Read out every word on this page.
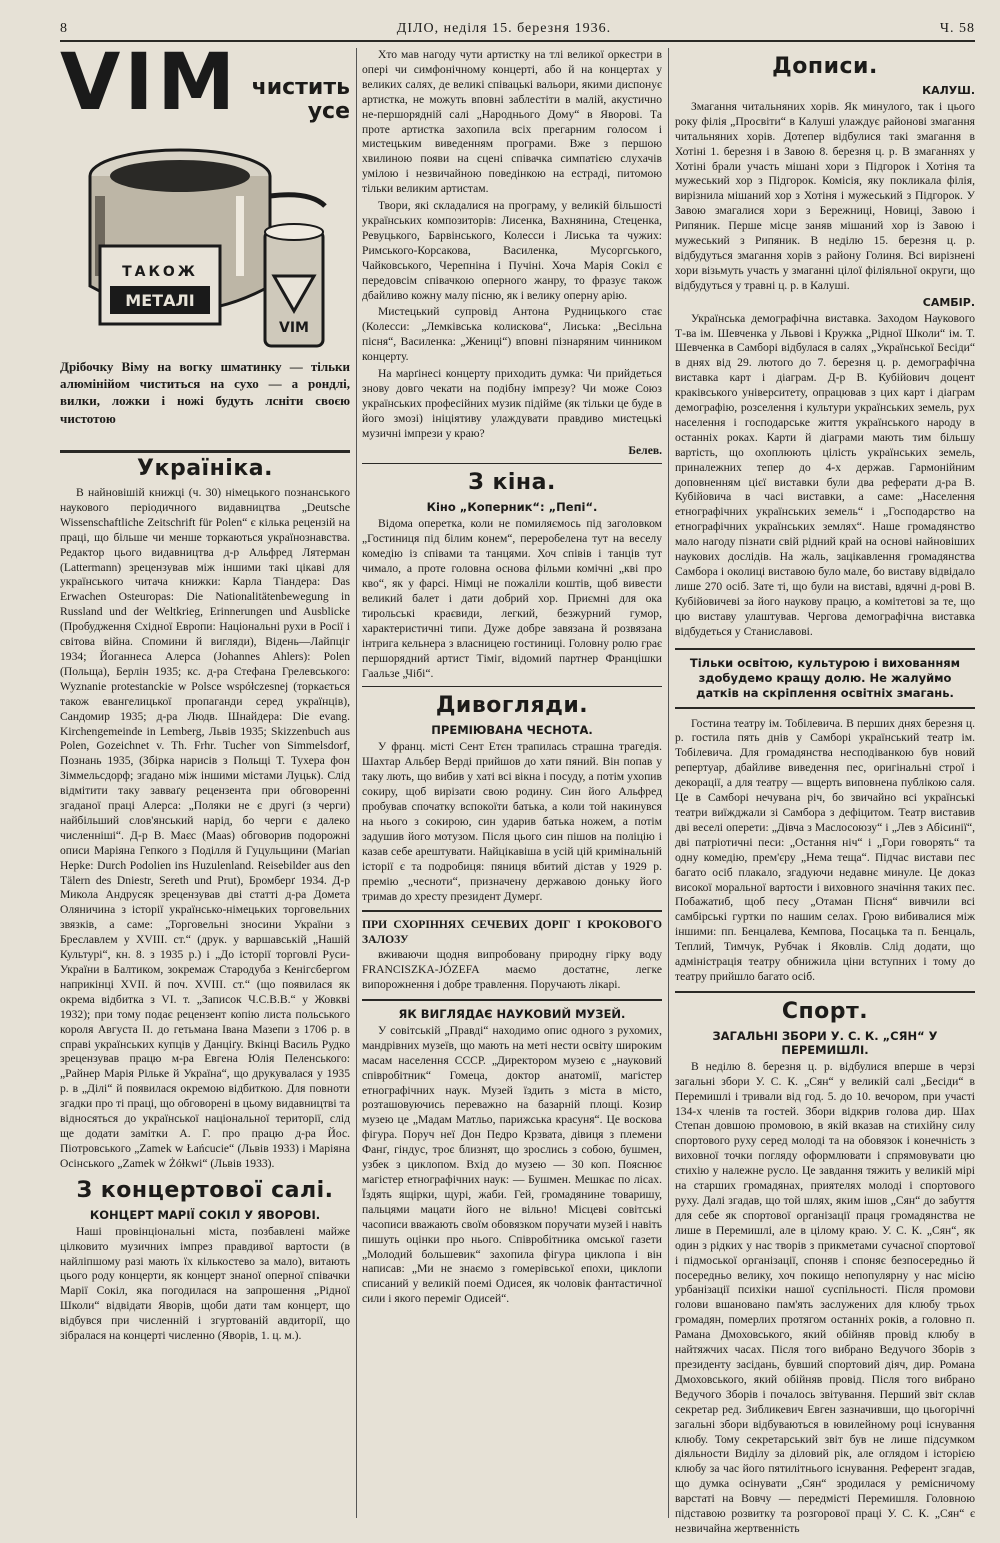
8	ДІЛО, неділя 15. березня 1936.	Ч. 58
VIM чистить усе
ТАКОЖ
МЕТАЛІ
VIM
Дрібочку Віму на вогку шматинку — тільки алюмінійом чиститься на сухо — а рондлі, вилки, ложки і ножі будуть лсніти своєю чистотою
Україніка.

В найновішій книжці (ч. 30) німецького познанського наукового періодичного видавництва „Deutsche Wissenschaftliche Zeitschrift für Polen“ є кілька рецензій на праці, що більше чи менше торкаються українознавства. Редактор цього видавництва д-р Альфред Лятерман (Lattermann) зрецензував між іншими такі цікаві для українського читача книжки: Карла Тіандера: Das Erwachen Osteuropas: Die Nationalitätenbewegung in Russland und der Weltkrieg, Erinnerungen und Ausblicke (Пробудження Східної Европи: Національні рухи в Росії і світова війна. Спомини й вигляди), Відень—Лайпціг 1934; Йоганнеса Алерса (Johannes Ahlers): Polen (Польща), Берлін 1935; кс. д-ра Стефана Грелевського: Wyznanie protestanckie w Polsce współczesnej (торкається також евангелицької пропаганди серед українців), Сандомир 1935; д-ра Людв. Шнайдера: Die evang. Kirchengemeinde in Lemberg, Львів 1935; Skizzenbuch aus Polen, Gozeichnet v. Th. Frhr. Tucher von Simmelsdorf, Познань 1935, (Збірка нарисів з Польщі Т. Тухера фон Зіммельсдорф; згадано між іншими містами Луцьк). Слід відмітити таку завваґу рецензента при обговоренні згаданої праці Алерса: „Поляки не є другі (з черги) найбільший слов'янський нарід, бо черги є далеко численніші“. Д-р В. Маєс (Maas) обговорив подорожні описи Маріяна Гепкого з Поділля й Гуцульщини (Marian Hepke: Durch Podolien ins Huzulenland. Reisebilder aus den Tälern des Dniestr, Sereth und Prut), Бромберґ 1934. Д-р Микола Андрусяк зрецензував дві статті д-ра Домета Оляничина з історії українсько-німецьких торговельних звязків, а саме: „Торговельні зносини України з Бреславлем у XVIII. ст.“ (друк. у варшавській „Нашій Культурі“, кн. 8. з 1935 р.) і „До історії торговлі Руси-України в Балтиком, зокремаж Стародуба з Кенігсбергом наприкінці XVII. й поч. XVIII. ст.“ (що появилася як окрема відбитка з VI. т. „Записок Ч.С.В.В.“ у Жовкві 1932); при тому подає рецензент копію листа польського короля Августа II. до гетьмана Івана Мазепи з 1706 р. в справі українських купців у Данціґу. Вкінці Василь Рудко зрецензував працю м-ра Евгена Юлія Пеленського: „Райнер Марія Рільке й Україна“, що друкувалася у 1935 р. в „Ділі“ й появилася окремою відбиткою. Для повноти згадки про ті праці, що обговорені в цьому видавництві та відносяться до української національної території, слід ще додати замітки А. Г. про працю д-ра Йос. Піотровського „Zamek w Łańcucie“ (Львів 1933) і Маріяна Осінського „Zamek w Żółkwi“ (Львів 1933).

З концертової салі.
КОНЦЕРТ МАРІЇ СОКІЛ У ЯВОРОВІ.

Наші провінціональні міста, позбавлені майже цілковито музичних імпрез правдивої вартости (в найліпшому разі мають їх кількостево за мало), витають цього роду концерти, як концерт знаної оперної співачки Марії Сокіл, яка погодилася на запрошення „Рідної Школи“ відвідати Яворів, щоби дати там концерт, що відбувся при численній і згуртованій авдиторії, що зібралася на концерті численно (Яворів, 1. ц. м.).

Хто мав нагоду чути артистку на тлі великої оркестри в опері чи симфонічному концерті, або й на концертах у великих салях, де великі співацькі вальори, якими диспонує артистка, не можуть вповні заблестіти в малій, акустично не-першорядній салі „Народнього Дому“ в Яворові. Та проте артистка захопила всіх прегарним голосом і мистецьким виведенням програми. Вже з першою хвилиною появи на сцені співачка симпатією слухачів умілою і незвичайною поведінкою на естраді, питомою тільки великим артистам.

Твори, які складалися на програму, у великій більшості українських композиторів: Лисенка, Вахнянина, Стеценка, Ревуцького, Барвінського, Колесси і Лиська та чужих: Римського-Корсакова, Василенка, Мусоргського, Чайковського, Черепніна і Пучіні. Хоча Марія Сокіл є передовсім співачкою оперного жанру, то фразує також дбайливо кожну малу пісню, як і велику оперну арію.

Мистецький супровід Антона Рудницького стає (Колесси: „Лемківська колискова“, Лиська: „Весільна пісня“, Василенка: „Жениці“) вповні пізнаряним чинником концерту.

На марґінесі концерту приходить думка: Чи прийдеться знову довго чекати на подібну імпрезу? Чи може Союз українських професійних музик підійме (як тільки це буде в його змозі) ініціятиву улаждувати правдиво мистецькі музичні імпрези у краю?

Белев.
З кіна.
Кіно „Коперник“: „Пепі“.

Відома оперетка, коли не помиляємось під заголовком „Гостиниця під білим конем“, переробелена тут на веселу комедію із співами та танцями. Хоч співів і танців тут чимало, а проте головна основа фільми комічні „кві про кво“, як у фарсі. Німці не пожаліли коштів, щоб вивести великий балет і дати добрий хор. Приємні для ока тирольські краєвиди, легкий, безжурний гумор, характеристичні типи. Дуже добре завязана й розвязана інтрига кельнера з власницею гостиниці. Головну ролю грає першорядний артист Тіміґ, відомий партнер Францішки Гаальзе „Чібі“.

Дивогляди.
ПРЕМІЮВАНА ЧЕСНОТА.

У франц. місті Сент Етєн трапилась страшна трагедія. Шахтар Альбер Верді прийшов до хати пяний. Він попав у таку лють, що вибив у хаті всі вікна і посуду, а потім ухопив сокиру, щоб вирізати свою родину. Син його Альфред пробував спочатку вспокоїти батька, а коли той накинувся на нього з сокирою, син ударив батька ножем, а потім задушив його мотузом. Після цього син пішов на поліцію і казав себе арештувати. Найцікавіша в усій цій кримінальній історії є та подробиця: пяниця вбитий дістав у 1929 р. премію „чесноти“, призначену державою доньку його тримав до хресту президент Думерґ.

ПРИ СХОРІННЯХ СЕЧЕВИХ ДОРІГ І КРОКОВОГО ЗАЛОЗУ

вживаючи щодня випробовану природну гірку воду FRANCISZKA-JÓZEFA маємо достатнє, легке випорожнення і добре травлення. Поручають лікарі.

ЯК ВИГЛЯДАЄ НАУКОВИЙ МУЗЕЙ.

У совітській „Правді“ находимо опис одного з рухомих, мандрівних музеїв, що мають на меті нести освіту широким масам населення СССР. „Директором музею є „науковий співробітник“ Гомеца, доктор анатомії, магістер етнографічних наук. Музей їздить з міста в місто, розташовуючись переважно на базарній площі. Козир музею це „Мадам Матльо, парижська красуня“. Це воскова фігура. Поруч неї Дон Педро Крзвата, дівиця з племени Фанґ, гіндус, троє близнят, що зрослись з собою, бушмен, узбек з циклопом. Вхід до музею — 30 коп. Пояснює магістер етнографічних наук: — Бушмен. Мешкає по лісах. Їздять ящірки, щурі, жаби. Гей, громадянине товаришу, пальцями мацати його не вільно! Місцеві совітські часописи вважають своїм обовязком поручати музей і навіть пишуть оцінки про нього. Співробітника омської газети „Молодий большевик“ захопила фігура циклопа і він написав: „Ми не знаємо з гомерівської епохи, циклопи списаний у великій поемі Одисея, як чоловік фантастичної сили і якого переміг Одисей“.

Дописи.
КАЛУШ.

Змагання читальняних хорів. Як минулого, так і цього року філія „Просвіти“ в Калуші улаждує районові змагання читальняних хорів. Дотепер відбулися такі змагання в Хотіні 1. березня і в Завою 8. березня ц. р. В змаганнях у Хотіні брали участь мішані хори з Підгорок і Хотіня та мужеський хор з Підгорок. Комісія, яку покликала філія, вирізнила мішаний хор з Хотіня і мужеський з Підгорок. У Завою змагалися хори з Бережниці, Новиці, Завою і Рипяник. Перше місце заняв мішаний хор із Завою і мужеський з Рипяник. В неділю 15. березня ц. р. відбудуться змагання хорів з району Голиня. Всі вирізнені хори візьмуть участь у змаганні цілої філіяльної округи, що відбудуться у травні ц. р. в Калуші.

САМБІР.

Українська демографічна виставка. Заходом Наукового Т-ва ім. Шевченка у Львові і Кружка „Рідної Школи“ ім. Т. Шевченка в Самборі відбулася в салях „Української Бесіди“ в днях від 29. лютого до 7. березня ц. р. демографічна виставка карт і діаграм. Д-р В. Кубійович доцент краківського університету, опрацював з цих карт і діаграм демографію, розселення і культури українських земель, рух населення і господарське життя українського народу в останніх роках. Карти й діаграми мають тим більшу вартість, що охоплюють цілість українських земель, приналежних тепер до 4-х держав. Гармонійним доповненням цієї виставки були два реферати д-ра В. Кубійовича в часі виставки, а саме: „Населення етнографічних українських земель“ і „Господарство на етнографічних українських землях“. Наше громадянство мало нагоду пізнати свій рідний край на основі найновіших наукових дослідів. На жаль, зацікавлення громадянства Самбора і околиці виставою було мале, бо виставу відвідало лише 270 осіб. Зате ті, що були на виставі, вдячні д-рові В. Кубійовичеві за його наукову працю, а комітетові за те, що цю виставу улаштував. Чергова демографічна виставка відбудеться у Станиславові.

Тільки освітою, культурою і вихованням здобудемо кращу долю. Не жалуймо датків на скріплення освітніх змагань.

Гостина театру ім. Тобілевича. В перших днях березня ц. р. гостила пять днів у Самборі український театр ім. Тобілевича. Для громадянства несподіванкою був новий репертуар, дбайливе виведення пес, оригінальні строї і декорації, а для театру — вщерть виповнена публікою саля. Це в Самборі нечувана річ, бо звичайно всі українські театри виїжджали зі Самбора з дефіцитом. Театр виставив дві веселі оперети: „Дівча з Маслосоюзу“ і „Лев з Абісинії“, дві патріотичні песи: „Остання ніч“ і „Гори говорять“ та одну комедію, прем'єру „Нема теща“. Підчас вистави пес багато осіб плакало, згадуючи недавнє минуле. Це доказ високої моральної вартости і виховного значіння таких пес. Побажатиб, щоб песу „Отаман Пісня“ вивчили всі самбірські гуртки по нашим селах. Грою вибивалися між іншими: пп. Бенцалева, Кемпова, Посацька та п. Бенцаль, Теплий, Тимчук, Рубчак і Яковлів. Слід додати, що адміністрація театру обнижила ціни вступних і тому до театру прийшло багато осіб.

Спорт.
ЗАГАЛЬНІ ЗБОРИ У. С. К. „СЯН“ У ПЕРЕМИШЛІ.

В неділю 8. березня ц. р. відбулися вперше в черзі загальні збори У. С. К. „Сян“ у великій салі „Бесіди“ в Перемишлі і тривали від год. 5. до 10. вечором, при участі 134-х членів та гостей. Збори відкрив голова дир. Шах Степан довшою промовою, в якій вказав на стихійну силу спортового руху серед молоді та на обовязок і конечність з виховної точки погляду оформлювати і спрямовувати цю стихію у належне русло. Це завдання тяжить у великій мірі на старших громадянах, приятелях молоді і спортового руху. Далі згадав, що той шлях, яким ішов „Сян“ до забуття для себе як спортової організації праця громадянства не лише в Перемишлі, але в цілому краю. У. С. К. „Сян“, як один з рідких у нас творів з прикметами сучасної спортової і підмоської організації, споняв і споняє безпосередньо й посередньо велику, хоч покищо непопулярну у нас місію урбанізації психіки нашої суспільності. Після промови голови вшановано пам'ять заслужених для клюбу трьох громадян, померлих протягом останніх років, а головно п. Рамана Дмоховського, який обійняв провід клюбу в найтяжчих часах. Після того вибрано Ведучого Зборів з президенту засідань, бувший спортовий діяч, дир. Романа Дмоховського, який обійняв провід. Після того вибрано Ведучого Зборів і почалось звітування. Перший звіт склав секретар ред. Зибликевич Евген зазначивши, що цьогорічні загальні збори відбуваються в ювилейному році існування клюбу. Тому секретарський звіт був не лише підсумком діяльности Виділу за діловий рік, але оглядом і історією клюбу за час його пятилітнього існування. Референт згадав, що думка осінувати „Сян“ зродилася у ремісничому варстаті на Вовчу — передмісті Перемишля. Головною підставою розвитку та розгорової праці У. С. К. „Сян“ є незвичайна жертвенність
